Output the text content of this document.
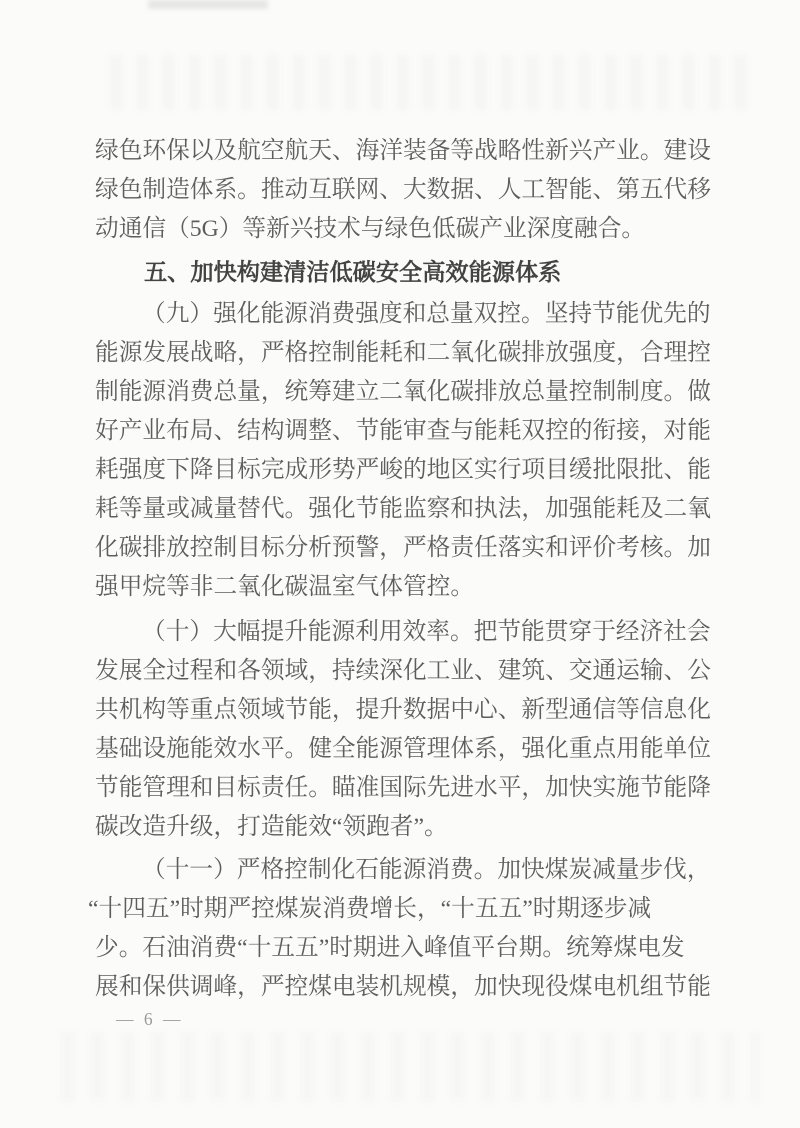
绿色环保以及航空航天、海洋装备等战略性新兴产业。建设
绿色制造体系。推动互联网、大数据、人工智能、第五代移
动通信（5G）等新兴技术与绿色低碳产业深度融合。
五、加快构建清洁低碳安全高效能源体系
（九）强化能源消费强度和总量双控。坚持节能优先的
能源发展战略，严格控制能耗和二氧化碳排放强度，合理控
制能源消费总量，统筹建立二氧化碳排放总量控制制度。做
好产业布局、结构调整、节能审查与能耗双控的衔接，对能
耗强度下降目标完成形势严峻的地区实行项目缓批限批、能
耗等量或减量替代。强化节能监察和执法，加强能耗及二氧
化碳排放控制目标分析预警，严格责任落实和评价考核。加
强甲烷等非二氧化碳温室气体管控。
（十）大幅提升能源利用效率。把节能贯穿于经济社会
发展全过程和各领域，持续深化工业、建筑、交通运输、公
共机构等重点领域节能，提升数据中心、新型通信等信息化
基础设施能效水平。健全能源管理体系，强化重点用能单位
节能管理和目标责任。瞄准国际先进水平，加快实施节能降
碳改造升级，打造能效“领跑者”。
（十一）严格控制化石能源消费。加快煤炭减量步伐，
“十四五”时期严控煤炭消费增长，“十五五”时期逐步减
少。石油消费“十五五”时期进入峰值平台期。统筹煤电发
展和保供调峰，严控煤电装机规模，加快现役煤电机组节能
— 6 —
